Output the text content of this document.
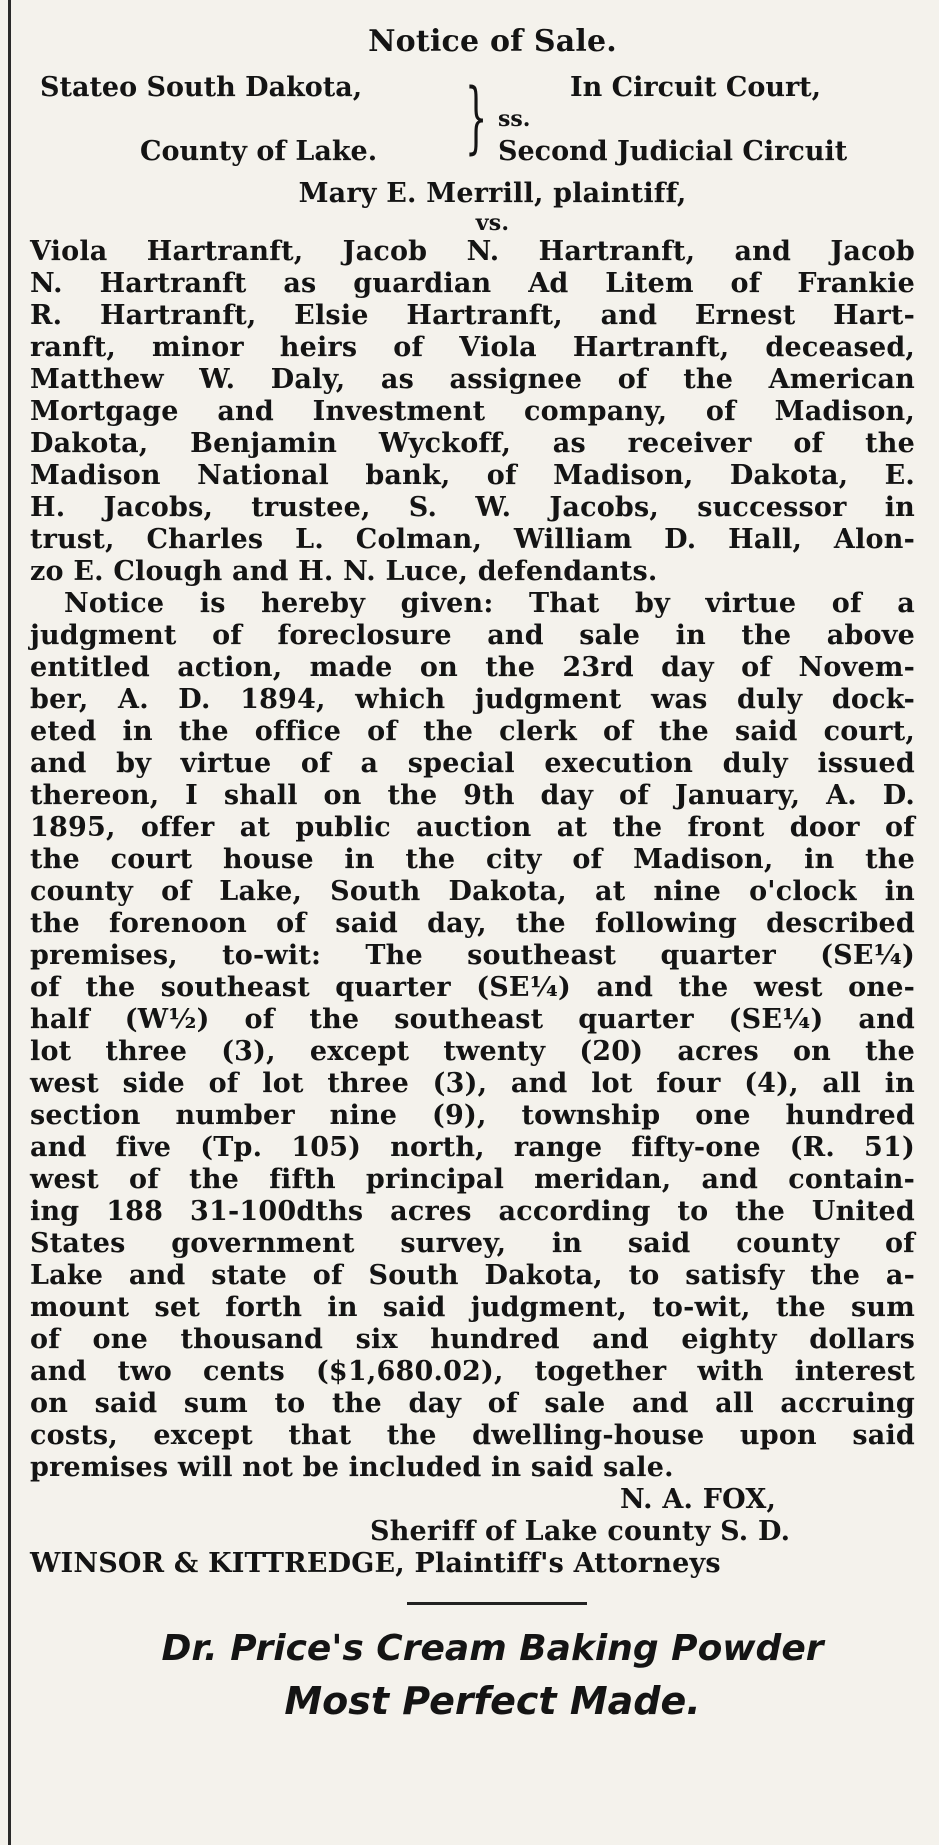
Notice of Sale.
Stateo South Dakota,
County of Lake. } ss.
In Circuit Court,
Second Judicial Circuit
Mary E. Merrill, plaintiff,
vs.
Viola Hartranft, Jacob N. Hartranft, and Jacob
N. Hartranft as guardian Ad Litem of Frankie
R. Hartranft, Elsie Hartranft, and Ernest Hart-
ranft, minor heirs of Viola Hartranft, deceased,
Matthew W. Daly, as assignee of the American
Mortgage and Investment company, of Madison,
Dakota, Benjamin Wyckoff, as receiver of the
Madison National bank, of Madison, Dakota, E.
H. Jacobs, trustee, S. W. Jacobs, successor in
trust, Charles L. Colman, William D. Hall, Alon-
zo E. Clough and H. N. Luce, defendants.
Notice is hereby given: That by virtue of a
judgment of foreclosure and sale in the above
entitled action, made on the 23rd day of Novem-
ber, A. D. 1894, which judgment was duly dock-
eted in the office of the clerk of the said court,
and by virtue of a special execution duly issued
thereon, I shall on the 9th day of January, A. D.
1895, offer at public auction at the front door of
the court house in the city of Madison, in the
county of Lake, South Dakota, at nine o'clock in
the forenoon of said day, the following described
premises, to-wit: The southeast quarter (SE¼)
of the southeast quarter (SE¼) and the west one-
half (W½) of the southeast quarter (SE¼) and
lot three (3), except twenty (20) acres on the
west side of lot three (3), and lot four (4), all in
section number nine (9), township one hundred
and five (Tp. 105) north, range fifty-one (R. 51)
west of the fifth principal meridan, and contain-
ing 188 31-100dths acres according to the United
States government survey, in said county of
Lake and state of South Dakota, to satisfy the a-
mount set forth in said judgment, to-wit, the sum
of one thousand six hundred and eighty dollars
and two cents ($1,680.02), together with interest
on said sum to the day of sale and all accruing
costs, except that the dwelling-house upon said
premises will not be included in said sale.
N. A. FOX,
Sheriff of Lake county S. D.
WINSOR & KITTREDGE, Plaintiff's Attorneys
Dr. Price's Cream Baking Powder
Most Perfect Made.
